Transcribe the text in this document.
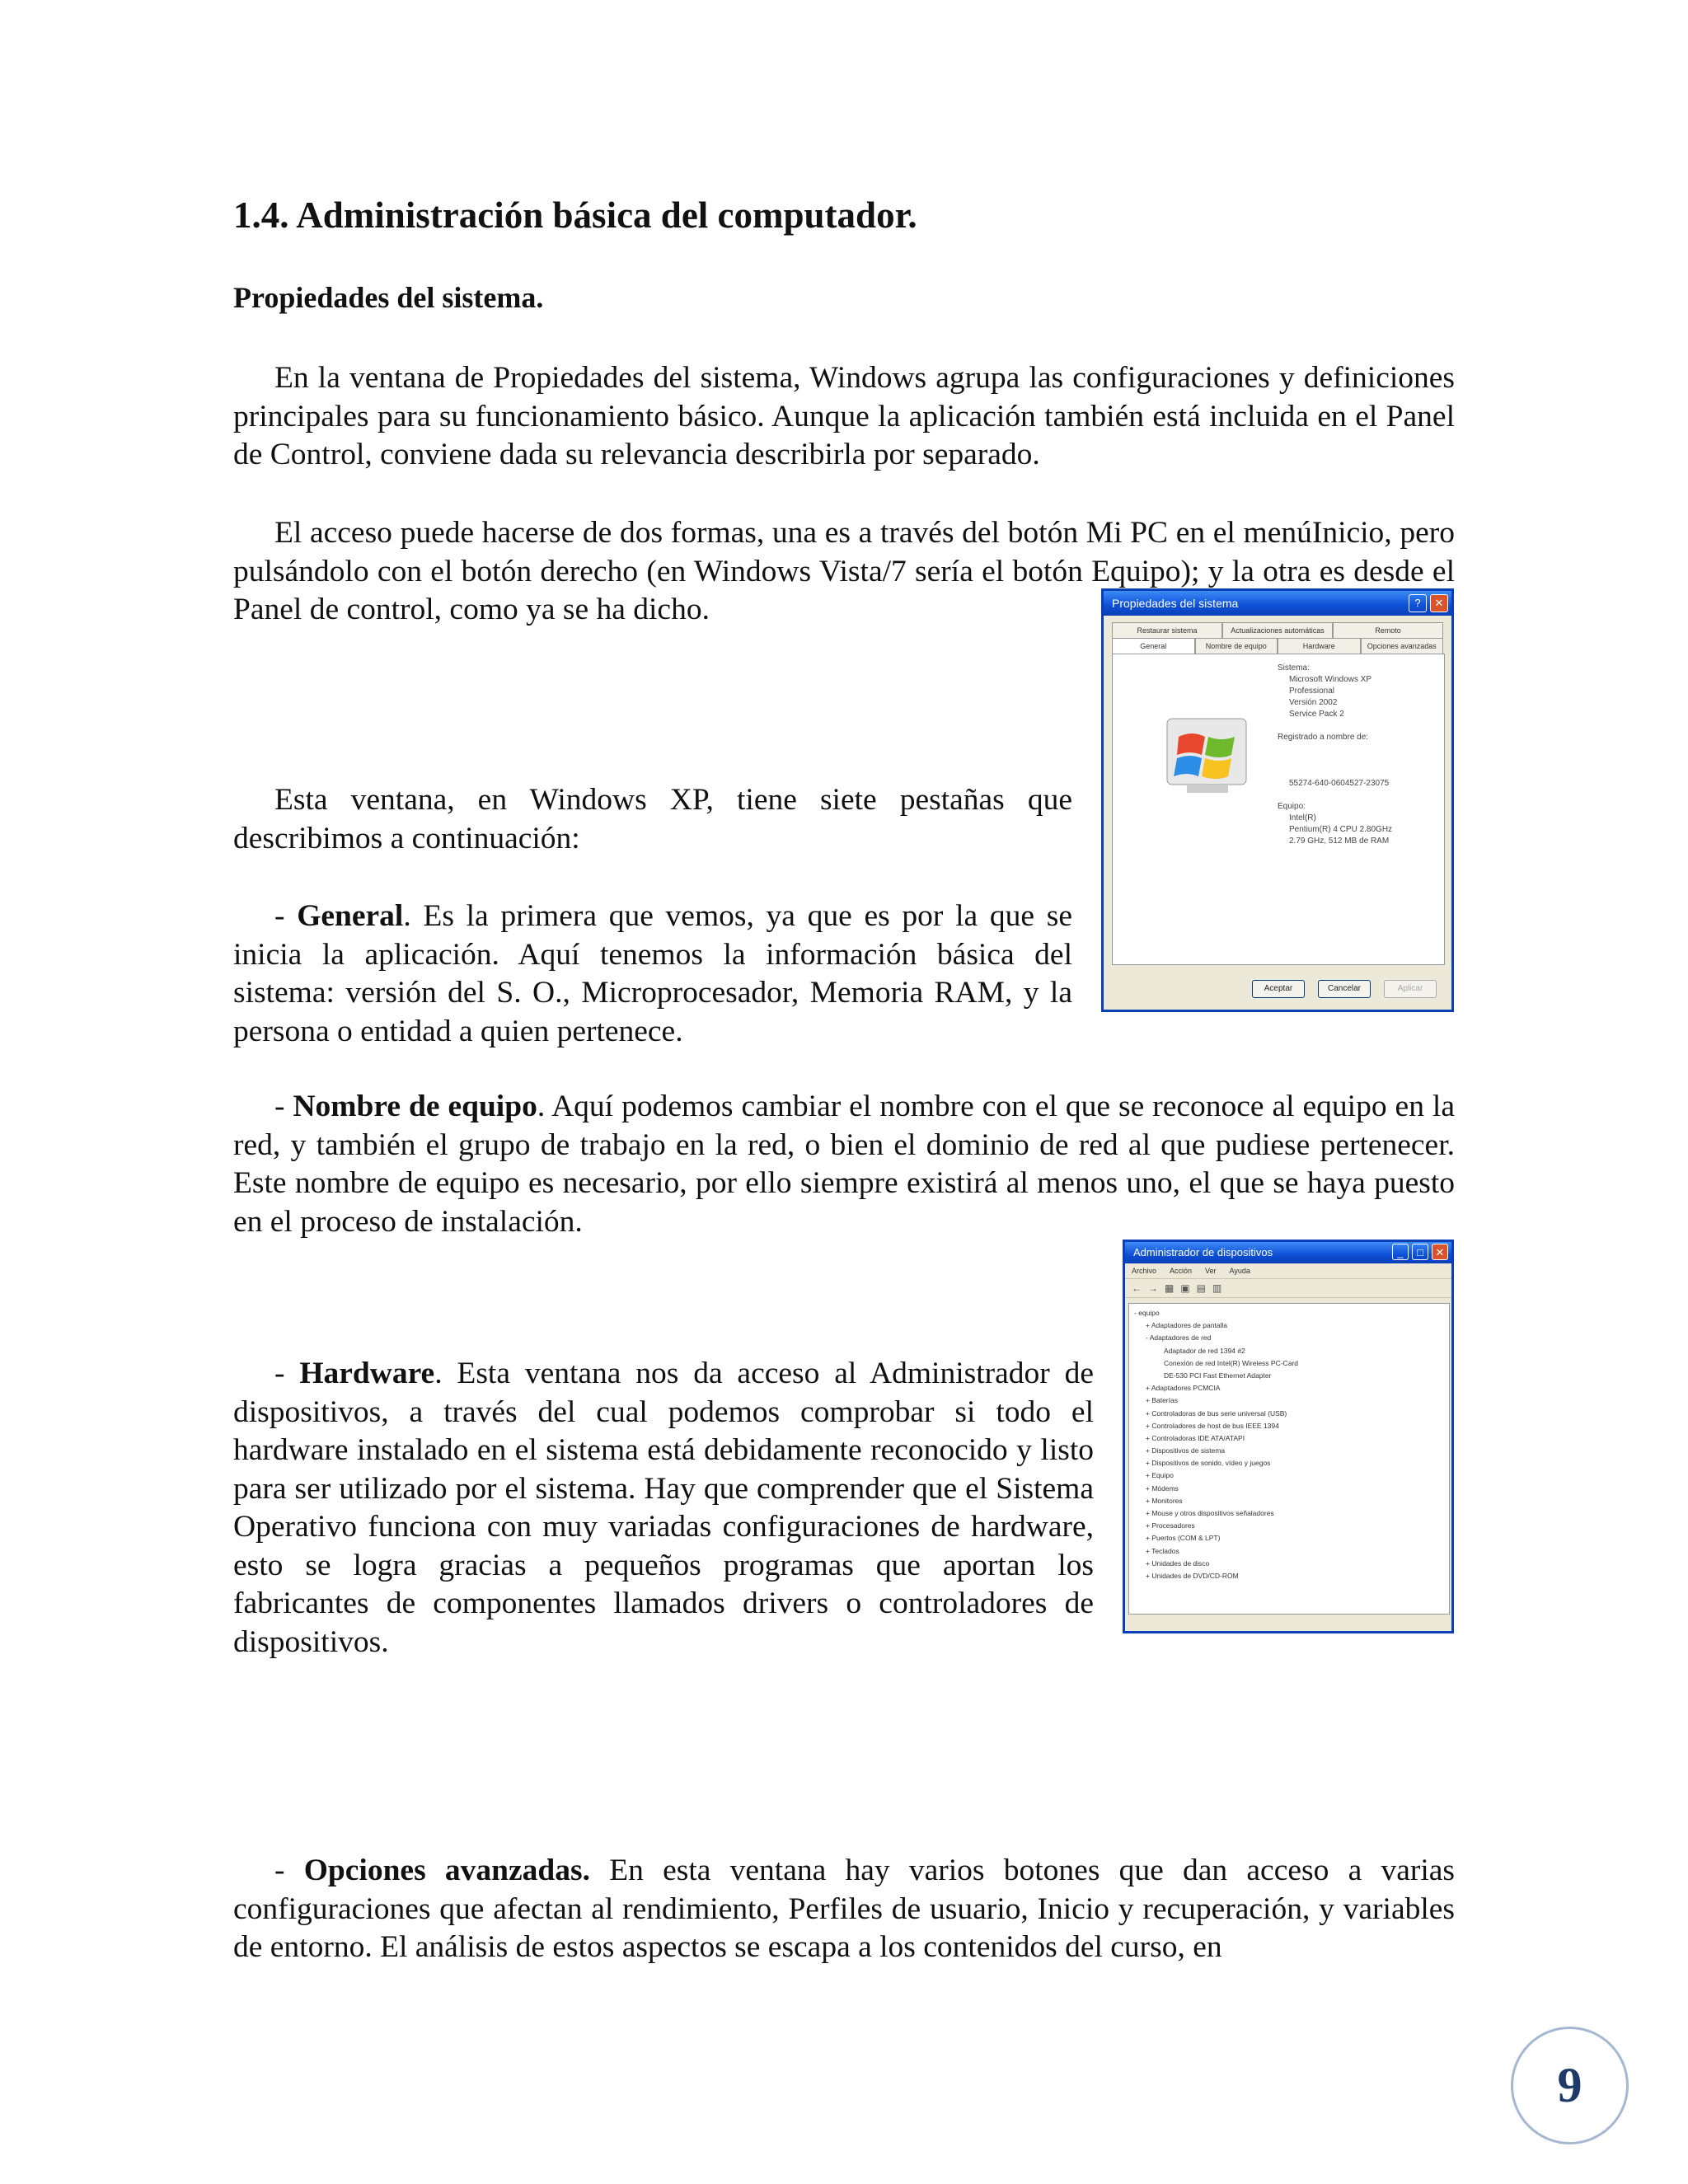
1.4. Administración básica del computador.
Propiedades del sistema.
En la ventana de Propiedades del sistema, Windows agrupa las configuraciones y definiciones principales para su funcionamiento básico. Aunque la aplicación también está incluida en el Panel de Control, conviene dada su relevancia describirla por separado.
El acceso puede hacerse de dos formas, una es a través del botón Mi PC en el menúInicio, pero pulsándolo con el botón derecho (en Windows Vista/7 sería el botón Equipo); y la otra es desde el Panel de control, como ya se ha dicho.
Esta ventana, en Windows XP, tiene siete pestañas que describimos a continuación:
- General. Es la primera que vemos, ya que es por la que se inicia la aplicación. Aquí tenemos la información básica del sistema: versión del S. O., Microprocesador, Memoria RAM, y la persona o entidad a quien pertenece.
- Nombre de equipo. Aquí podemos cambiar el nombre con el que se reconoce al equipo en la red, y también el grupo de trabajo en la red, o bien el dominio de red al que pudiese pertenecer. Este nombre de equipo es necesario, por ello siempre existirá al menos uno, el que se haya puesto en el proceso de instalación.
- Hardware. Esta ventana nos da acceso al Administrador de dispositivos, a través del cual podemos comprobar si todo el hardware instalado en el sistema está debidamente reconocido y listo para ser utilizado por el sistema. Hay que comprender que el Sistema Operativo funciona con muy variadas configuraciones de hardware, esto se logra gracias a pequeños programas que aportan los fabricantes de componentes llamados drivers o controladores de dispositivos.
- Opciones avanzadas. En esta ventana hay varios botones que dan acceso a varias configuraciones que afectan al rendimiento, Perfiles de usuario, Inicio y recuperación, y variables de entorno. El análisis de estos aspectos se escapa a los contenidos del curso, en
Propiedades del sistema	?	✕
Restaurar sistema	Actualizaciones automáticas	Remoto
General	Nombre de equipo	Hardware	Opciones avanzadas
Sistema:
Microsoft Windows XP
Professional
Versión 2002
Service Pack 2
Registrado a nombre de:
55274-640-0604527-23075
Equipo:
Intel(R)
Pentium(R) 4 CPU 2.80GHz
2.79 GHz, 512 MB de RAM
Aceptar	Cancelar	Aplicar
Administrador de dispositivos	_	□	✕
Archivo Acción Ver Ayuda
←→▦▣▤▥
- equipo
+ Adaptadores de pantalla
- Adaptadores de red
Adaptador de red 1394 #2
Conexión de red Intel(R) Wireless PC-Card
DE-530 PCI Fast Ethernet Adapter
+ Adaptadores PCMCIA
+ Baterías
+ Controladoras de bus serie universal (USB)
+ Controladores de host de bus IEEE 1394
+ Controladoras IDE ATA/ATAPI
+ Dispositivos de sistema
+ Dispositivos de sonido, vídeo y juegos
+ Equipo
+ Módems
+ Monitores
+ Mouse y otros dispositivos señaladores
+ Procesadores
+ Puertos (COM & LPT)
+ Teclados
+ Unidades de disco
+ Unidades de DVD/CD-ROM
9
